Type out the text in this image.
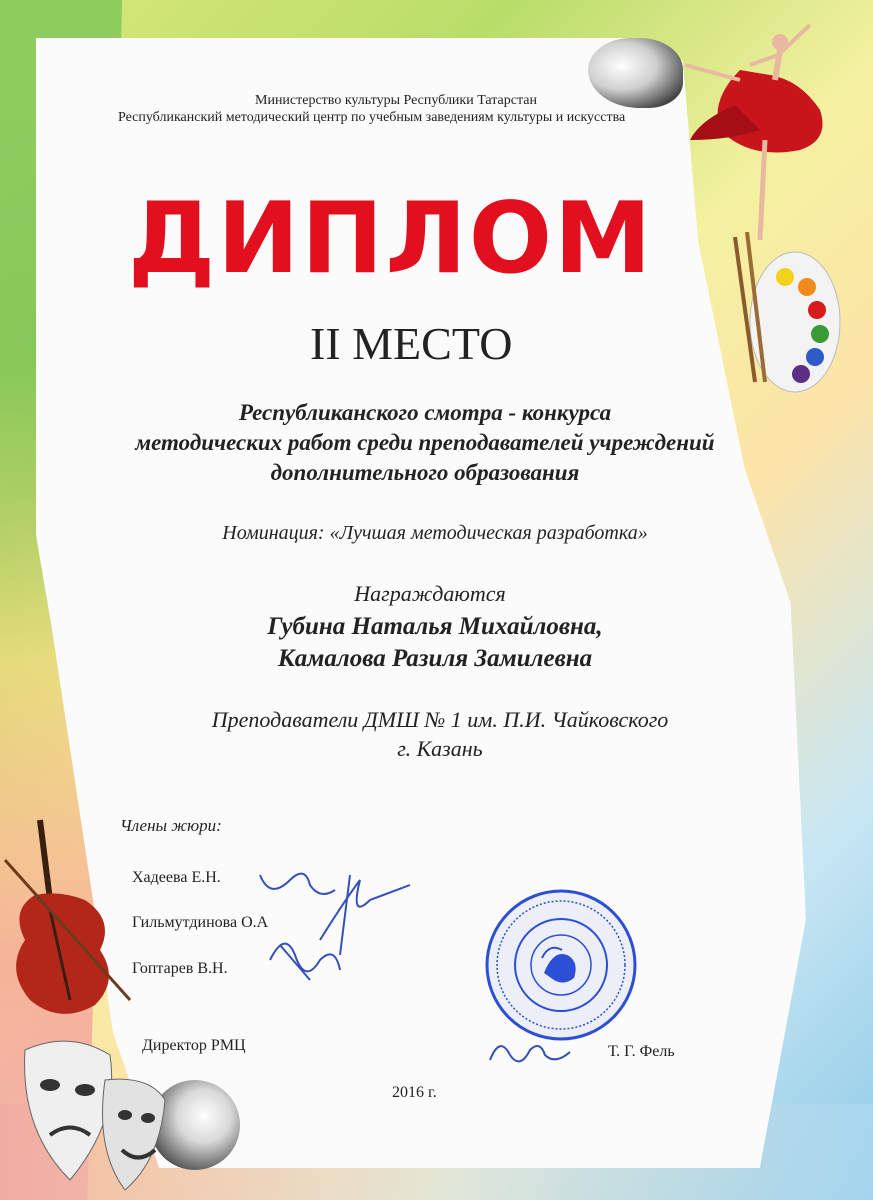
Министерство культуры Республики Татарстан
Республиканский методический центр по учебным заведениям культуры и искусства
ДИПЛОМ
II МЕСТО
Республиканского смотра - конкурса
методических работ среди преподавателей учреждений
дополнительного образования
Номинация: «Лучшая методическая разработка»
Награждаются
Губина Наталья Михайловна,
Камалова Разиля Замилевна
Преподаватели ДМШ № 1 им. П.И. Чайковского
г. Казань
Члены жюри:
Хадеева Е.Н.
Гильмутдинова О.А
Гоптарев В.Н.
Директор РМЦ	Т. Г. Фель
2016 г.
